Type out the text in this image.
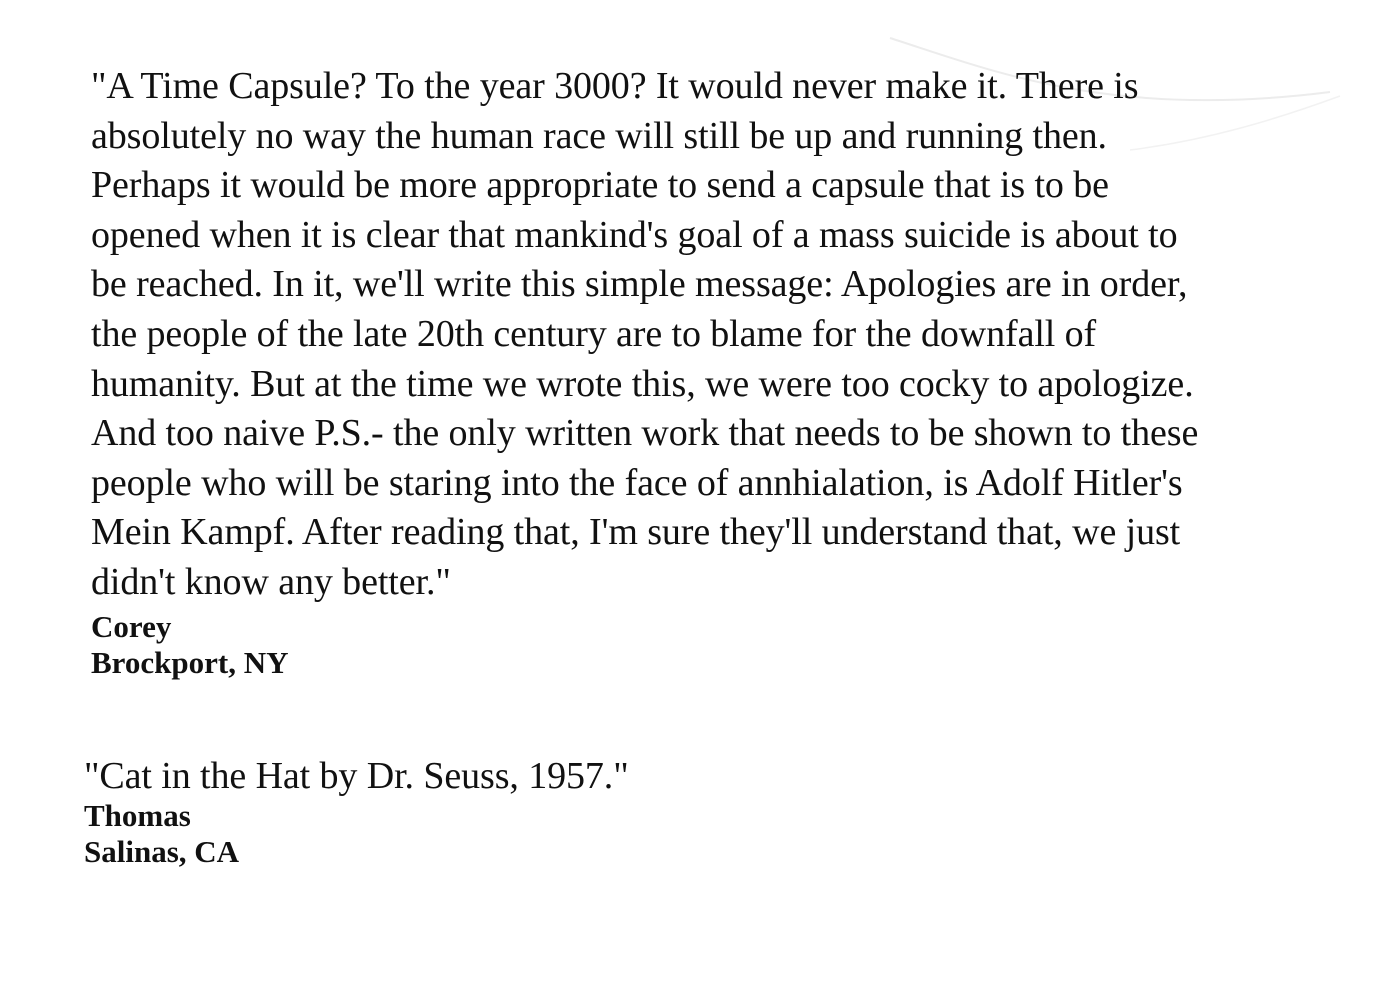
"A Time Capsule? To the year 3000? It would never make it. There is
absolutely no way the human race will still be up and running then.
Perhaps it would be more appropriate to send a capsule that is to be
opened when it is clear that mankind's goal of a mass suicide is about to
be reached. In it, we'll write this simple message: Apologies are in order,
the people of the late 20th century are to blame for the downfall of
humanity. But at the time we wrote this, we were too cocky to apologize.
And too naive P.S.- the only written work that needs to be shown to these
people who will be staring into the face of annhialation, is Adolf Hitler's
Mein Kampf. After reading that, I'm sure they'll understand that, we just
didn't know any better."

Corey

Brockport, NY

"Cat in the Hat by Dr. Seuss, 1957."

Thomas

Salinas, CA
